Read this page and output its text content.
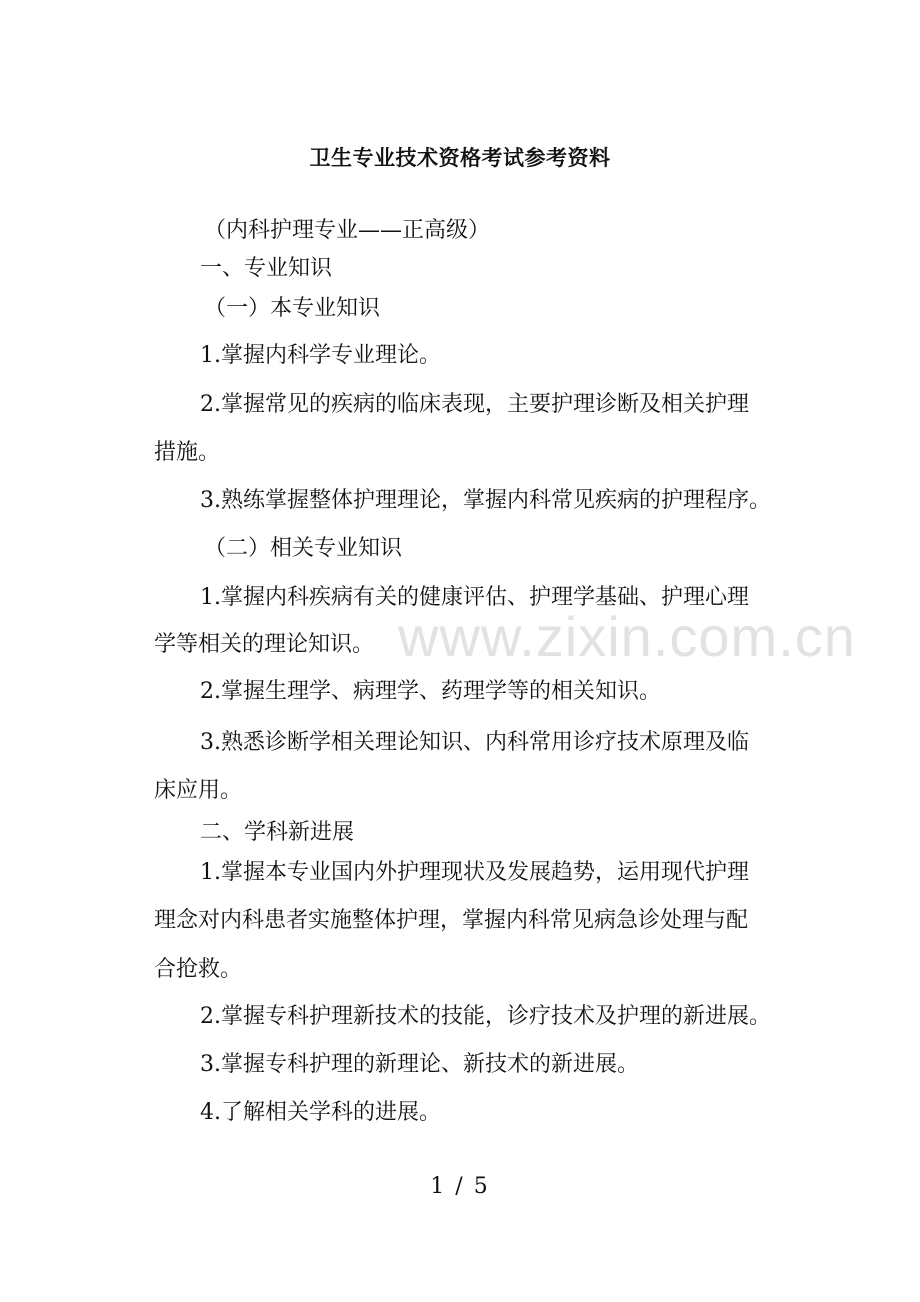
www.zixin.com.cn
卫生专业技术资格考试参考资料
（内科护理专业——正高级）
一、专业知识
（一）本专业知识
1.掌握内科学专业理论。
2.掌握常见的疾病的临床表现，主要护理诊断及相关护理
措施。
3.熟练掌握整体护理理论，掌握内科常见疾病的护理程序。
（二）相关专业知识
1.掌握内科疾病有关的健康评估、护理学基础、护理心理
学等相关的理论知识。
2.掌握生理学、病理学、药理学等的相关知识。
3.熟悉诊断学相关理论知识、内科常用诊疗技术原理及临
床应用。
二、学科新进展
1.掌握本专业国内外护理现状及发展趋势，运用现代护理
理念对内科患者实施整体护理，掌握内科常见病急诊处理与配
合抢救。
2.掌握专科护理新技术的技能，诊疗技术及护理的新进展。
3.掌握专科护理的新理论、新技术的新进展。
4.了解相关学科的进展。
1 / 5
